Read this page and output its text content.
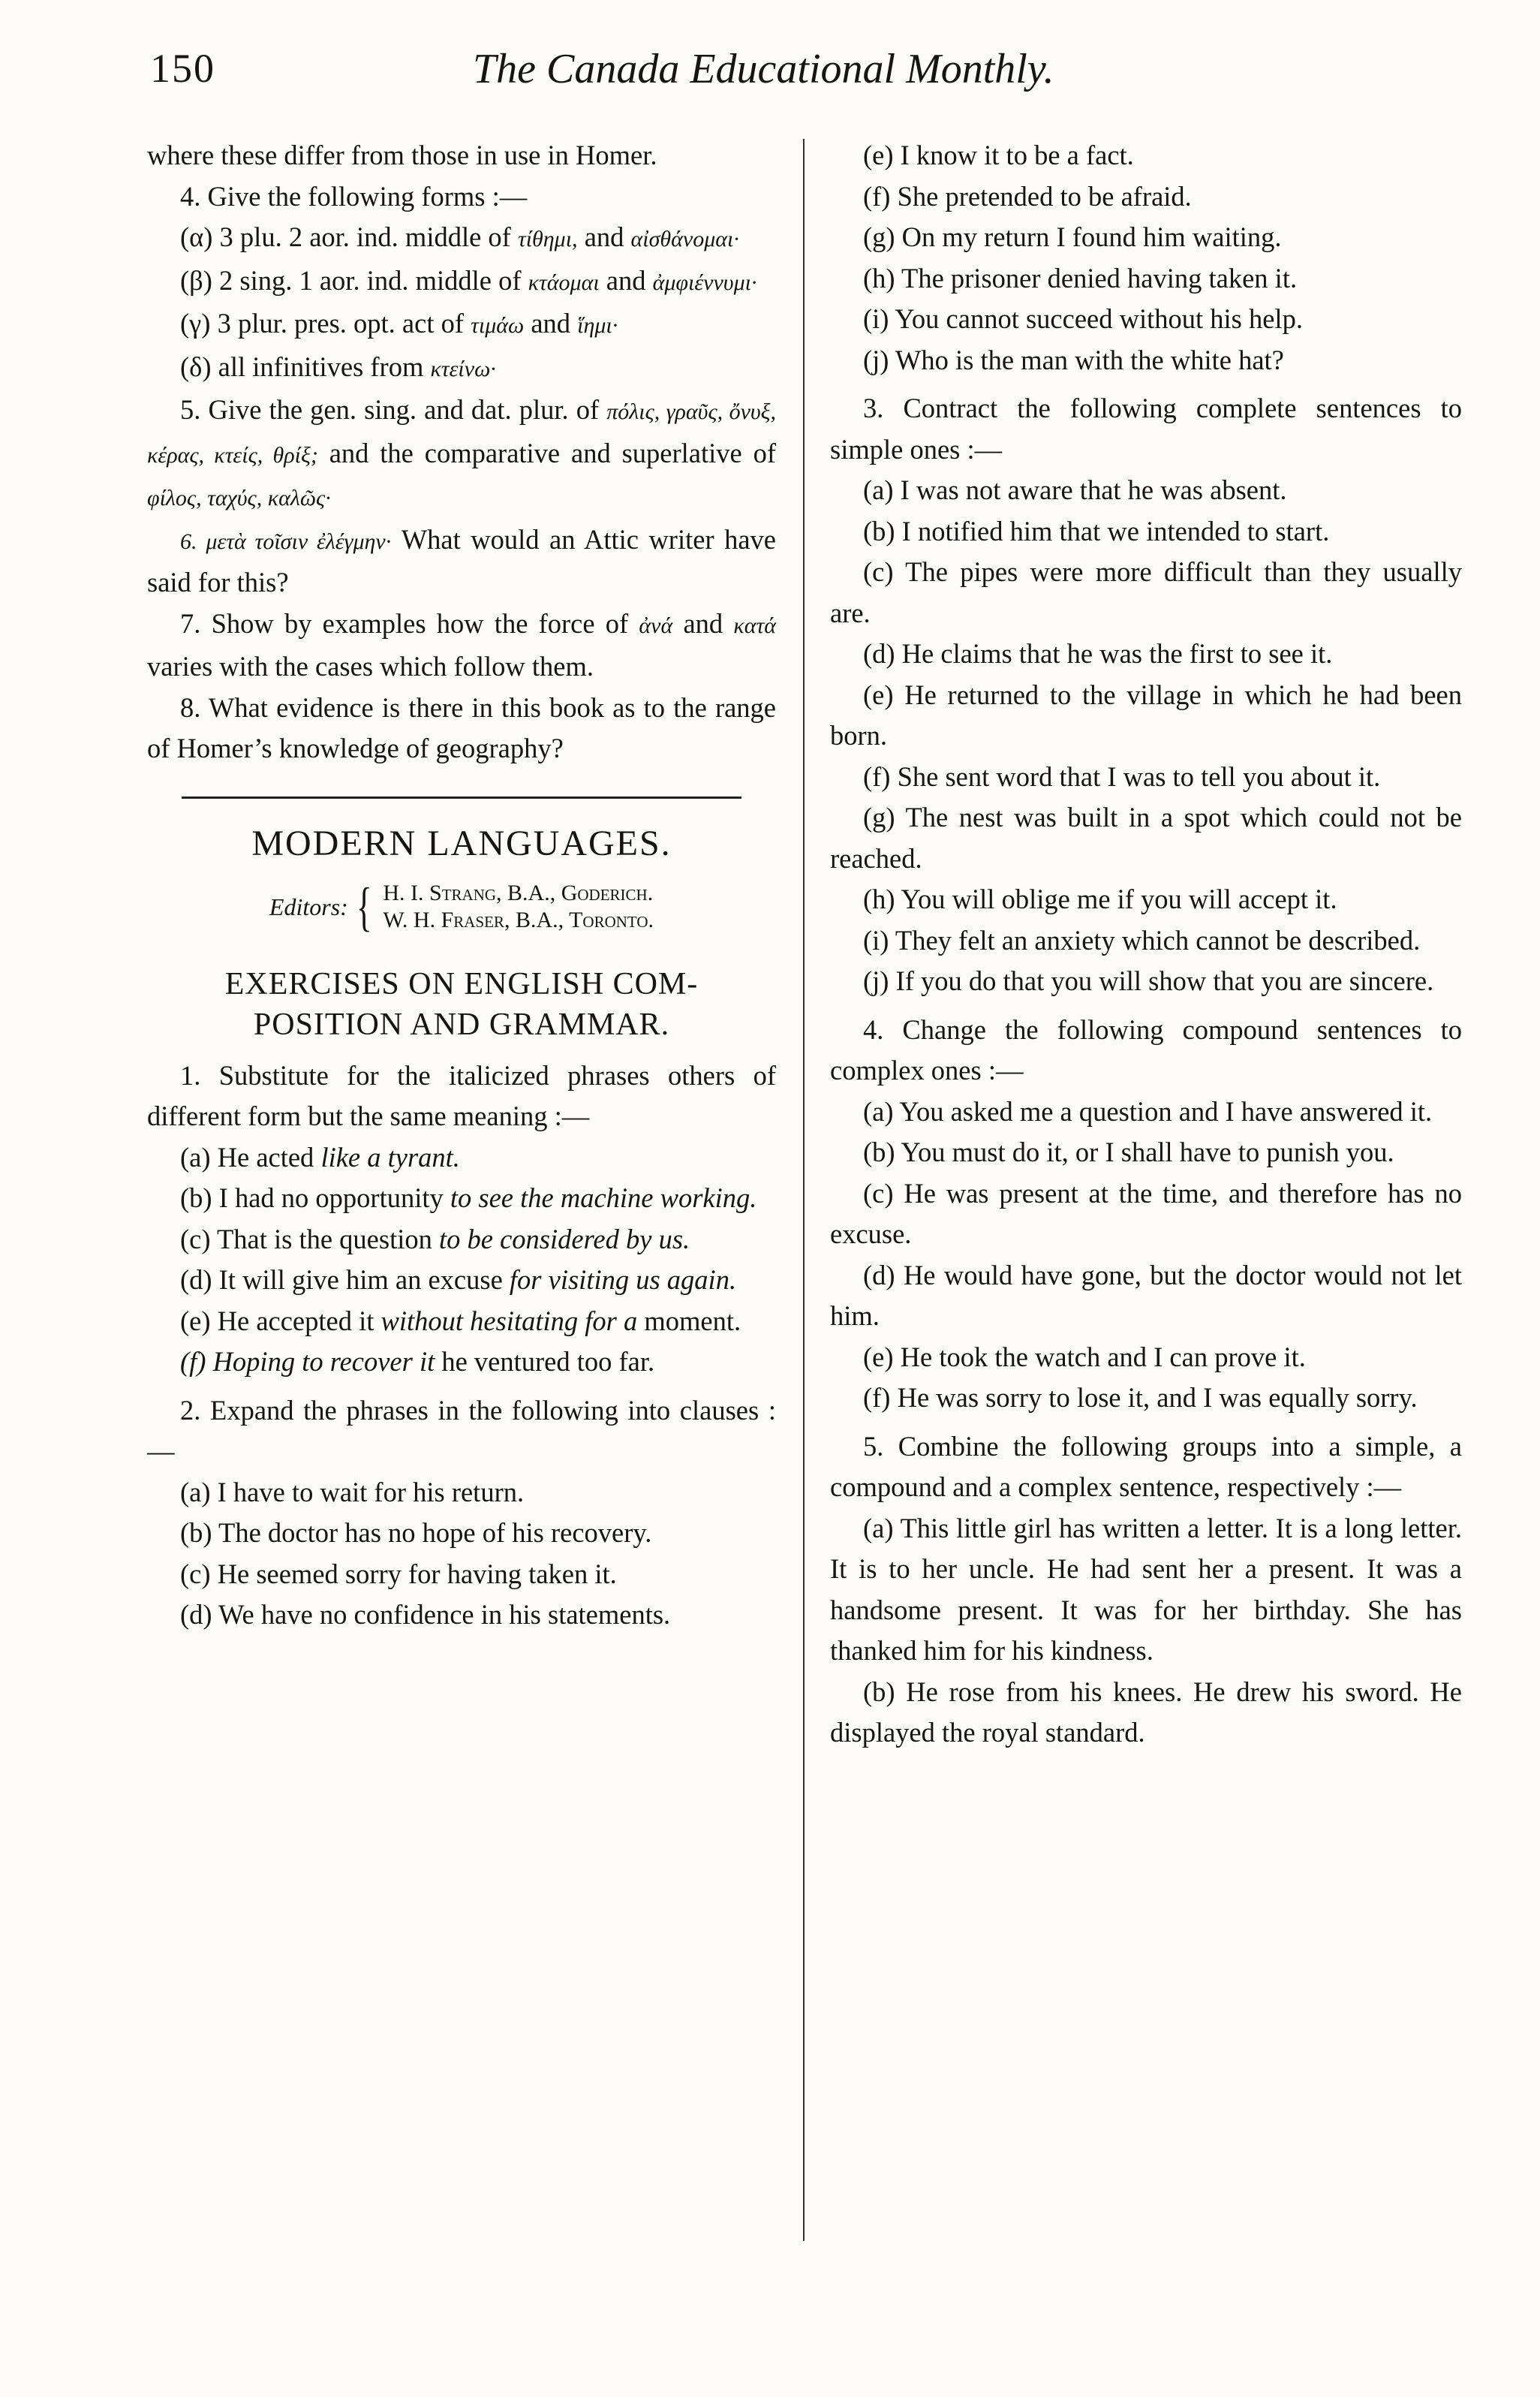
150	The Canada Educational Monthly.

where these differ from those in use in Homer.

4. Give the following forms :—

(α) 3 plu. 2 aor. ind. middle of τίθημι, and αἰσθάνομαι·

(β) 2 sing. 1 aor. ind. middle of κτάομαι and ἀμφιέννυμι·

(γ) 3 plur. pres. opt. act of τιμάω and ἵημι·

(δ) all infinitives from κτείνω·

5. Give the gen. sing. and dat. plur. of πόλις, γραῦς, ὄνυξ, κέρας, κτείς, θρίξ; and the comparative and superlative of φίλος, ταχύς, καλῶς·

6. μετὰ τοῖσιν ἐλέγμην· What would an Attic writer have said for this?

7. Show by examples how the force of ἀνά and κατά varies with the cases which follow them.

8. What evidence is there in this book as to the range of Homer’s knowledge of geography?

MODERN LANGUAGES.
Editors: { H. I. Strang, B.A., Goderich.
W. H. Fraser, B.A., Toronto.
EXERCISES ON ENGLISH COM-
POSITION AND GRAMMAR.

1. Substitute for the italicized phrases others of different form but the same meaning :—

(a) He acted like a tyrant.

(b) I had no opportunity to see the machine working.

(c) That is the question to be considered by us.

(d) It will give him an excuse for visiting us again.

(e) He accepted it without hesitating for a moment.

(f) Hoping to recover it he ventured too far.

2. Expand the phrases in the following into clauses :—

(a) I have to wait for his return.

(b) The doctor has no hope of his recovery.

(c) He seemed sorry for having taken it.

(d) We have no confidence in his statements.

(e) I know it to be a fact.

(f) She pretended to be afraid.

(g) On my return I found him waiting.

(h) The prisoner denied having taken it.

(i) You cannot succeed without his help.

(j) Who is the man with the white hat?

3. Contract the following complete sentences to simple ones :—

(a) I was not aware that he was absent.

(b) I notified him that we intended to start.

(c) The pipes were more difficult than they usually are.

(d) He claims that he was the first to see it.

(e) He returned to the village in which he had been born.

(f) She sent word that I was to tell you about it.

(g) The nest was built in a spot which could not be reached.

(h) You will oblige me if you will accept it.

(i) They felt an anxiety which cannot be described.

(j) If you do that you will show that you are sincere.

4. Change the following compound sentences to complex ones :—

(a) You asked me a question and I have answered it.

(b) You must do it, or I shall have to punish you.

(c) He was present at the time, and therefore has no excuse.

(d) He would have gone, but the doctor would not let him.

(e) He took the watch and I can prove it.

(f) He was sorry to lose it, and I was equally sorry.

5. Combine the following groups into a simple, a compound and a complex sentence, respectively :—

(a) This little girl has written a letter. It is a long letter. It is to her uncle. He had sent her a present. It was a handsome present. It was for her birthday. She has thanked him for his kindness.

(b) He rose from his knees. He drew his sword. He displayed the royal standard.
